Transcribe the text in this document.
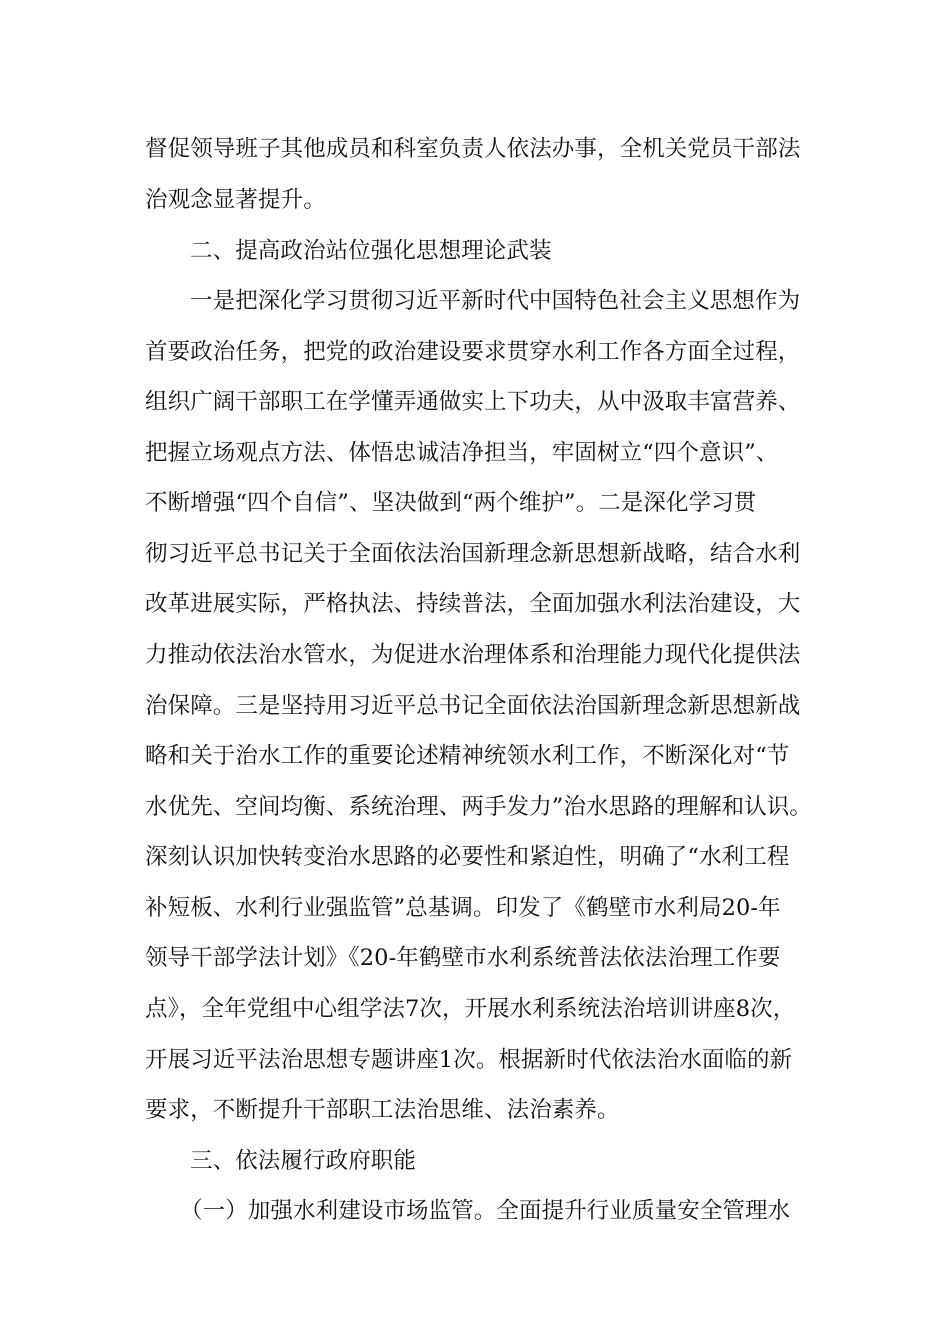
督促领导班子其他成员和科室负责人依法办事，全机关党员干部法
治观念显著提升。
二、提高政治站位强化思想理论武装
一是把深化学习贯彻习近平新时代中国特色社会主义思想作为
首要政治任务，把党的政治建设要求贯穿水利工作各方面全过程，
组织广阔干部职工在学懂弄通做实上下功夫，从中汲取丰富营养、
把握立场观点方法、体悟忠诚洁净担当，牢固树立“四个意识”、
不断增强“四个自信”、坚决做到“两个维护”。二是深化学习贯
彻习近平总书记关于全面依法治国新理念新思想新战略，结合水利
改革进展实际，严格执法、持续普法，全面加强水利法治建设，大
力推动依法治水管水，为促进水治理体系和治理能力现代化提供法
治保障。三是坚持用习近平总书记全面依法治国新理念新思想新战
略和关于治水工作的重要论述精神统领水利工作，不断深化对“节
水优先、空间均衡、系统治理、两手发力”治水思路的理解和认识。
深刻认识加快转变治水思路的必要性和紧迫性，明确了“水利工程
补短板、水利行业强监管”总基调。印发了《鹤壁市水利局20-年
领导干部学法计划》《20-年鹤壁市水利系统普法依法治理工作要
点》，全年党组中心组学法7次，开展水利系统法治培训讲座8次，
开展习近平法治思想专题讲座1次。根据新时代依法治水面临的新
要求，不断提升干部职工法治思维、法治素养。
三、依法履行政府职能
（一）加强水利建设市场监管。全面提升行业质量安全管理水
